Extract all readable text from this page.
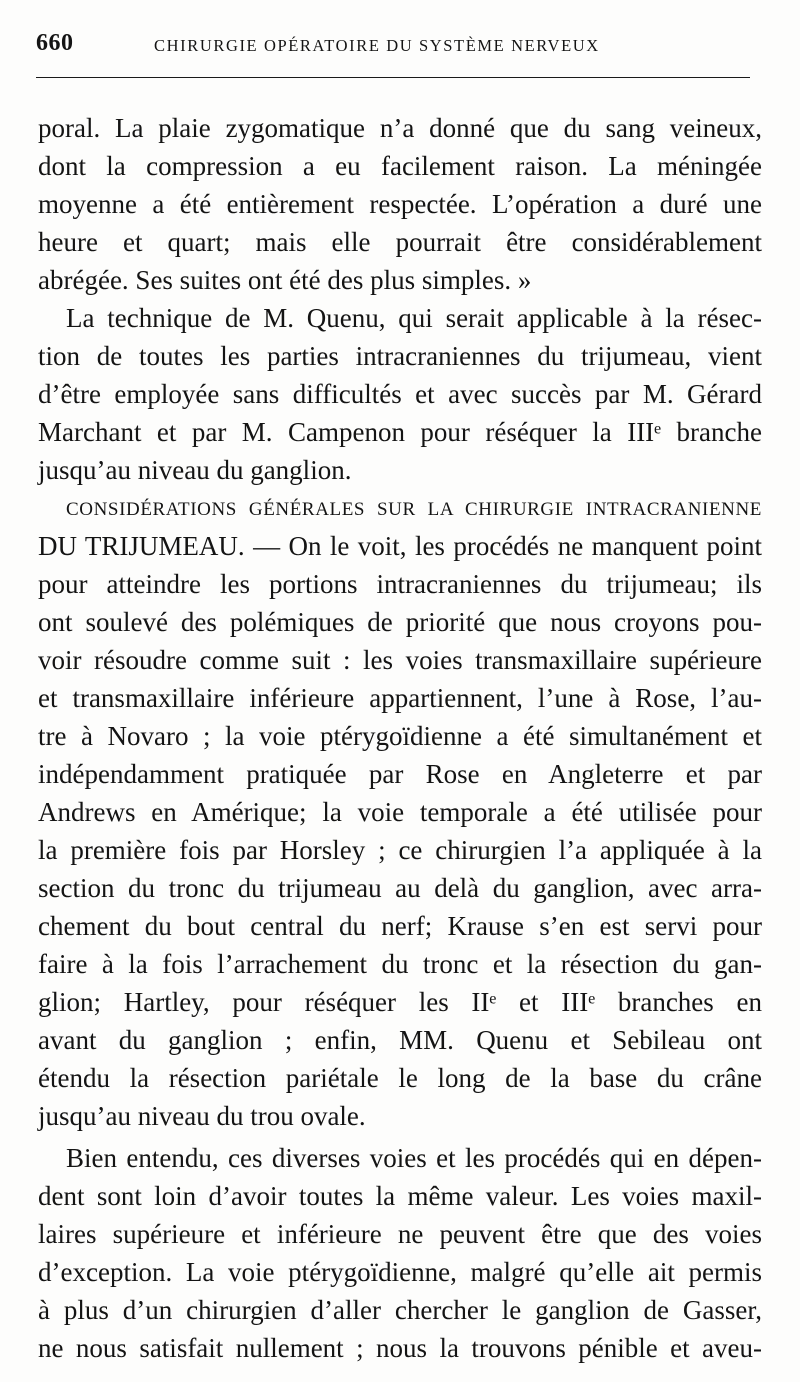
660	CHIRURGIE OPÉRATOIRE DU SYSTÈME NERVEUX
poral. La plaie zygomatique n’a donné que du sang veineux,
dont la compression a eu facilement raison. La méningée
moyenne a été entièrement respectée. L’opération a duré une
heure et quart; mais elle pourrait être considérablement
abrégée. Ses suites ont été des plus simples. »
La technique de M. Quenu, qui serait applicable à la résec-
tion de toutes les parties intracraniennes du trijumeau, vient
d’être employée sans difficultés et avec succès par M. Gérard
Marchant et par M. Campenon pour réséquer la IIIᵉ branche
jusqu’au niveau du ganglion.
CONSIDÉRATIONS GÉNÉRALES SUR LA CHIRURGIE INTRACRANIENNE
DU TRIJUMEAU. — On le voit, les procédés ne manquent point
pour atteindre les portions intracraniennes du trijumeau; ils
ont soulevé des polémiques de priorité que nous croyons pou-
voir résoudre comme suit : les voies transmaxillaire supérieure
et transmaxillaire inférieure appartiennent, l’une à Rose, l’au-
tre à Novaro ; la voie ptérygoïdienne a été simultanément et
indépendamment pratiquée par Rose en Angleterre et par
Andrews en Amérique; la voie temporale a été utilisée pour
la première fois par Horsley ; ce chirurgien l’a appliquée à la
section du tronc du trijumeau au delà du ganglion, avec arra-
chement du bout central du nerf; Krause s’en est servi pour
faire à la fois l’arrachement du tronc et la résection du gan-
glion; Hartley, pour réséquer les IIᵉ et IIIᵉ branches en
avant du ganglion ; enfin, MM. Quenu et Sebileau ont
étendu la résection pariétale le long de la base du crâne
jusqu’au niveau du trou ovale.
Bien entendu, ces diverses voies et les procédés qui en dépen-
dent sont loin d’avoir toutes la même valeur. Les voies maxil-
laires supérieure et inférieure ne peuvent être que des voies
d’exception. La voie ptérygoïdienne, malgré qu’elle ait permis
à plus d’un chirurgien d’aller chercher le ganglion de Gasser,
ne nous satisfait nullement ; nous la trouvons pénible et aveu-
